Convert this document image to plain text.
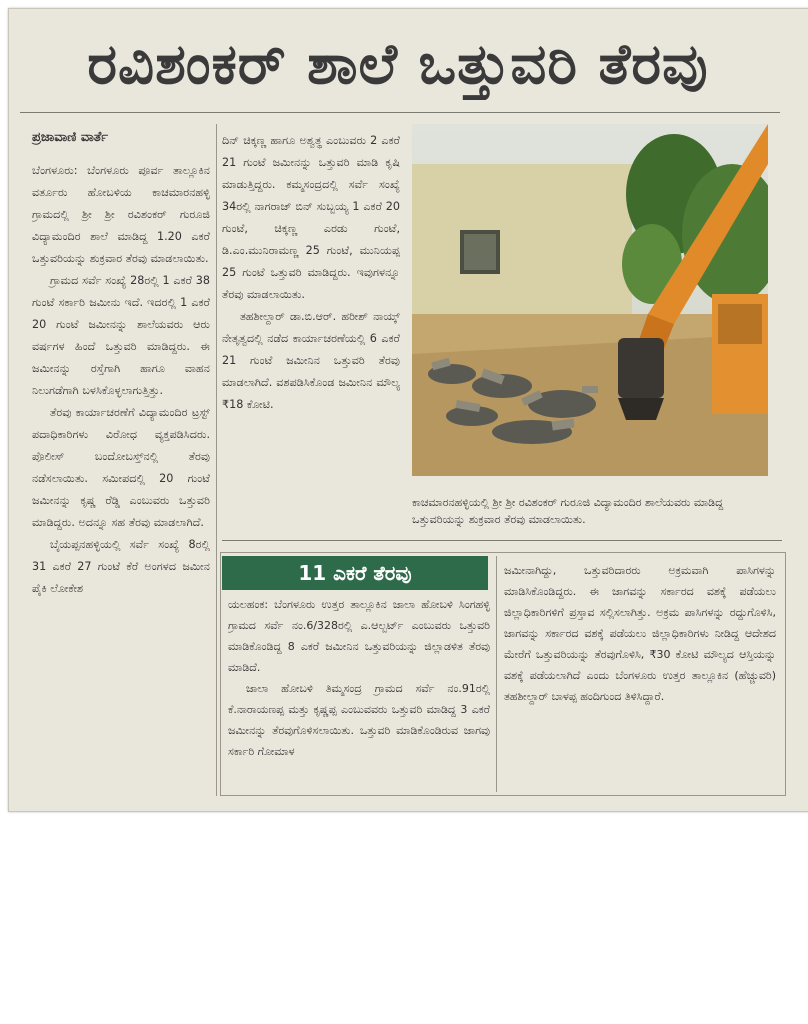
ರವಿಶಂಕರ್ ಶಾಲೆ ಒತ್ತುವರಿ ತೆರವು
ಪ್ರಜಾವಾಣಿ ವಾರ್ತೆ

ಬೆಂಗಳೂರು: ಬೆಂಗಳೂರು ಪೂರ್ವ ತಾಲ್ಲೂಕಿನ ವರ್ತೂರು ಹೋಬಳಿಯ ಕಾಚಮಾರನಹಳ್ಳಿ ಗ್ರಾಮದಲ್ಲಿ ಶ್ರೀ ಶ್ರೀ ರವಿಶಂಕರ್ ಗುರೂಜಿ ವಿದ್ಯಾಮಂದಿರ ಶಾಲೆ ಮಾಡಿದ್ದ 1.20 ಎಕರೆ ಒತ್ತುವರಿಯನ್ನು ಶುಕ್ರವಾರ ತೆರವು ಮಾಡಲಾಯಿತು.

ಗ್ರಾಮದ ಸರ್ವೆ ಸಂಖ್ಯೆ 28ರಲ್ಲಿ 1 ಎಕರೆ 38 ಗುಂಟೆ ಸರ್ಕಾರಿ ಜಮೀನು ಇದೆ. ಇದರಲ್ಲಿ 1 ಎಕರೆ 20 ಗುಂಟೆ ಜಮೀನನ್ನು ಶಾಲೆಯವರು ಆರು ವರ್ಷಗಳ ಹಿಂದೆ ಒತ್ತುವರಿ ಮಾಡಿದ್ದರು. ಈ ಜಮೀನನ್ನು ರಸ್ತೆಗಾಗಿ ಹಾಗೂ ವಾಹನ ನಿಲುಗಡೆಗಾಗಿ ಬಳಸಿಕೊಳ್ಳಲಾಗುತ್ತಿತ್ತು.

ತೆರವು ಕಾರ್ಯಾಚರಣೆಗೆ ವಿದ್ಯಾಮಂದಿರ ಟ್ರಸ್ಟ್ ಪದಾಧಿಕಾರಿಗಳು ವಿರೋಧ ವ್ಯಕ್ತಪಡಿಸಿದರು. ಪೊಲೀಸ್ ಬಂದೋಬಸ್ತ್‌ನಲ್ಲಿ ತೆರವು ನಡೆಸಲಾಯಿತು. ಸಮೀಪದಲ್ಲಿ 20 ಗುಂಟೆ ಜಮೀನನ್ನು ಕೃಷ್ಣ ರೆಡ್ಡಿ ಎಂಬುವರು ಒತ್ತುವರಿ ಮಾಡಿದ್ದರು. ಅದನ್ನೂ ಸಹ ತೆರವು ಮಾಡಲಾಗಿದೆ.

ಬೈಯಪ್ಪನಹಳ್ಳಿಯಲ್ಲಿ ಸರ್ವೆ ಸಂಖ್ಯೆ 8ರಲ್ಲಿ 31 ಎಕರೆ 27 ಗುಂಟೆ ಕೆರೆ ಅಂಗಳದ ಜಮೀನ ಪೈಕಿ ಲೋಕೇಶ

ದಿನ್ ಚಿಕ್ಕಣ್ಣ ಹಾಗೂ ಅಶ್ವತ್ಥ ಎಂಬುವರು 2 ಎಕರೆ 21 ಗುಂಟೆ ಜಮೀನನ್ನು ಒತ್ತುವರಿ ಮಾಡಿ ಕೃಷಿ ಮಾಡುತ್ತಿದ್ದರು. ಕಮ್ಮಸಂದ್ರದಲ್ಲಿ ಸರ್ವೆ ಸಂಖ್ಯೆ 34ರಲ್ಲಿ ನಾಗರಾಜ್ ಬಿನ್ ಸುಬ್ಬಯ್ಯ 1 ಎಕರೆ 20 ಗುಂಟೆ, ಚಿಕ್ಕಣ್ಣ ಎರಡು ಗುಂಟೆ, ಡಿ.ಎಂ.ಮುನಿರಾಮಣ್ಣ 25 ಗುಂಟೆ, ಮುನಿಯಪ್ಪ 25 ಗುಂಟೆ ಒತ್ತುವರಿ ಮಾಡಿದ್ದರು. ಇವುಗಳನ್ನೂ ತೆರವು ಮಾಡಲಾಯಿತು.

ತಹಶೀಲ್ದಾರ್ ಡಾ.ಬಿ.ಆರ್. ಹರೀಶ್ ನಾಯ್ಕ್ ನೇತೃತ್ವದಲ್ಲಿ ನಡೆದ ಕಾರ್ಯಾಚರಣೆಯಲ್ಲಿ 6 ಎಕರೆ 21 ಗುಂಟೆ ಜಮೀನಿನ ಒತ್ತುವರಿ ತೆರವು ಮಾಡಲಾಗಿದೆ. ವಶಪಡಿಸಿಕೊಂಡ ಜಮೀನಿನ ಮೌಲ್ಯ ₹18 ಕೋಟಿ.

ಕಾಚಮಾರನಹಳ್ಳಿಯಲ್ಲಿ ಶ್ರೀ ಶ್ರೀ ರವಿಶಂಕರ್ ಗುರೂಜಿ ವಿದ್ಯಾಮಂದಿರ ಶಾಲೆಯವರು ಮಾಡಿದ್ದ ಒತ್ತುವರಿಯನ್ನು ಶುಕ್ರವಾರ ತೆರವು ಮಾಡಲಾಯಿತು.
11 ಎಕರೆ ತೆರವು

ಯಲಹಂಕ: ಬೆಂಗಳೂರು ಉತ್ತರ ತಾಲ್ಲೂಕಿನ ಜಾಲಾ ಹೋಬಳಿ ಸಿಂಗಹಳ್ಳಿ ಗ್ರಾಮದ ಸರ್ವೆ ನಂ.6/328ರಲ್ಲಿ ಎ.ಆಲ್ಬರ್ಟ್ ಎಂಬುವರು ಒತ್ತುವರಿ ಮಾಡಿಕೊಂಡಿದ್ದ 8 ಎಕರೆ ಜಮೀನಿನ ಒತ್ತುವರಿಯನ್ನು ಜಿಲ್ಲಾಡಳಿತ ತೆರವು ಮಾಡಿದೆ.

ಜಾಲಾ ಹೋಬಳಿ ತಿಮ್ಮಸಂದ್ರ ಗ್ರಾಮದ ಸರ್ವೆ ನಂ.91ರಲ್ಲಿ ಕೆ.ನಾರಾಯಣಪ್ಪ ಮತ್ತು ಕೃಷ್ಣಪ್ಪ ಎಂಬುವವರು ಒತ್ತುವರಿ ಮಾಡಿದ್ದ 3 ಎಕರೆ ಜಮೀನನ್ನು ತೆರವುಗೊಳಿಸಲಾಯಿತು. ಒತ್ತುವರಿ ಮಾಡಿಕೊಂಡಿರುವ ಜಾಗವು ಸರ್ಕಾರಿ ಗೋಮಾಳ

ಜಮೀನಾಗಿದ್ದು, ಒತ್ತುವರಿದಾರರು ಅಕ್ರಮವಾಗಿ ಪಾಸಿಗಳನ್ನು ಮಾಡಿಸಿಕೊಂಡಿದ್ದರು. ಈ ಜಾಗವನ್ನು ಸರ್ಕಾರದ ವಶಕ್ಕೆ ಪಡೆಯಲು ಜಿಲ್ಲಾಧಿಕಾರಿಗಳಿಗೆ ಪ್ರಸ್ತಾವ ಸಲ್ಲಿಸಲಾಗಿತ್ತು. ಅಕ್ರಮ ಪಾಸಿಗಳನ್ನು ರದ್ದುಗೊಳಿಸಿ, ಜಾಗವನ್ನು ಸರ್ಕಾರದ ವಶಕ್ಕೆ ಪಡೆಯಲು ಜಿಲ್ಲಾಧಿಕಾರಿಗಳು ನೀಡಿದ್ದ ಆದೇಶದ ಮೇರೆಗೆ ಒತ್ತುವರಿಯನ್ನು ತೆರವುಗೊಳಿಸಿ, ₹30 ಕೋಟಿ ಮೌಲ್ಯದ ಆಸ್ತಿಯನ್ನು ವಶಕ್ಕೆ ಪಡೆಯಲಾಗಿದೆ ಎಂದು ಬೆಂಗಳೂರು ಉತ್ತರ ತಾಲ್ಲೂಕಿನ (ಹೆಚ್ಚುವರಿ) ತಹಶೀಲ್ದಾರ್ ಬಾಳಪ್ಪ ಹಂದಿಗುಂದ ತಿಳಿಸಿದ್ದಾರೆ.
